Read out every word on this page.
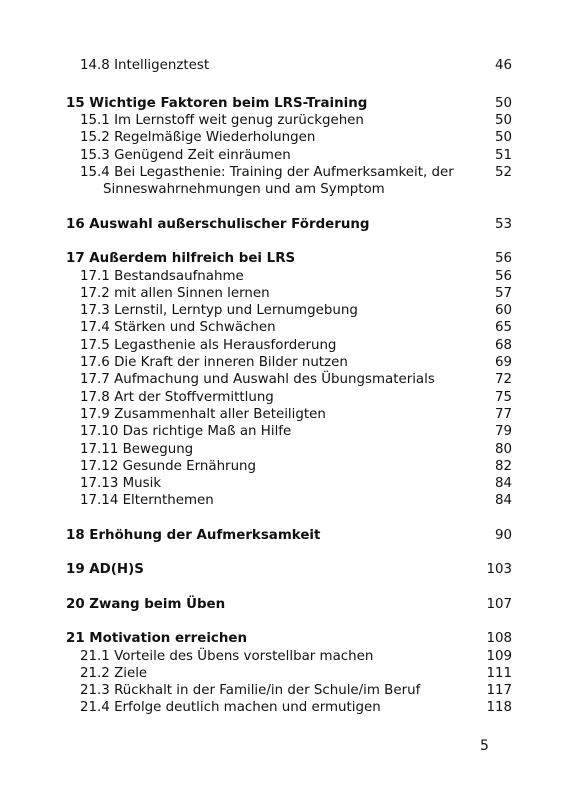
14.8 Intelligenztest	46
15 Wichtige Faktoren beim LRS-Training	50
15.1 Im Lernstoff weit genug zurückgehen	50
15.2 Regelmäßige Wiederholungen	50
15.3 Genügend Zeit einräumen	51
15.4 Bei Legasthenie: Training der Aufmerksamkeit, der	52
Sinneswahrnehmungen und am Symptom
16 Auswahl außerschulischer Förderung	53
17 Außerdem hilfreich bei LRS	56
17.1 Bestandsaufnahme	56
17.2 mit allen Sinnen lernen	57
17.3 Lernstil, Lerntyp und Lernumgebung	60
17.4 Stärken und Schwächen	65
17.5 Legasthenie als Herausforderung	68
17.6 Die Kraft der inneren Bilder nutzen	69
17.7 Aufmachung und Auswahl des Übungsmaterials	72
17.8 Art der Stoffvermittlung	75
17.9 Zusammenhalt aller Beteiligten	77
17.10 Das richtige Maß an Hilfe	79
17.11 Bewegung	80
17.12 Gesunde Ernährung	82
17.13 Musik	84
17.14 Elternthemen	84
18 Erhöhung der Aufmerksamkeit	90
19 AD(H)S	103
20 Zwang beim Üben	107
21 Motivation erreichen	108
21.1 Vorteile des Übens vorstellbar machen	109
21.2 Ziele	111
21.3 Rückhalt in der Familie/in der Schule/im Beruf	117
21.4 Erfolge deutlich machen und ermutigen	118
5
